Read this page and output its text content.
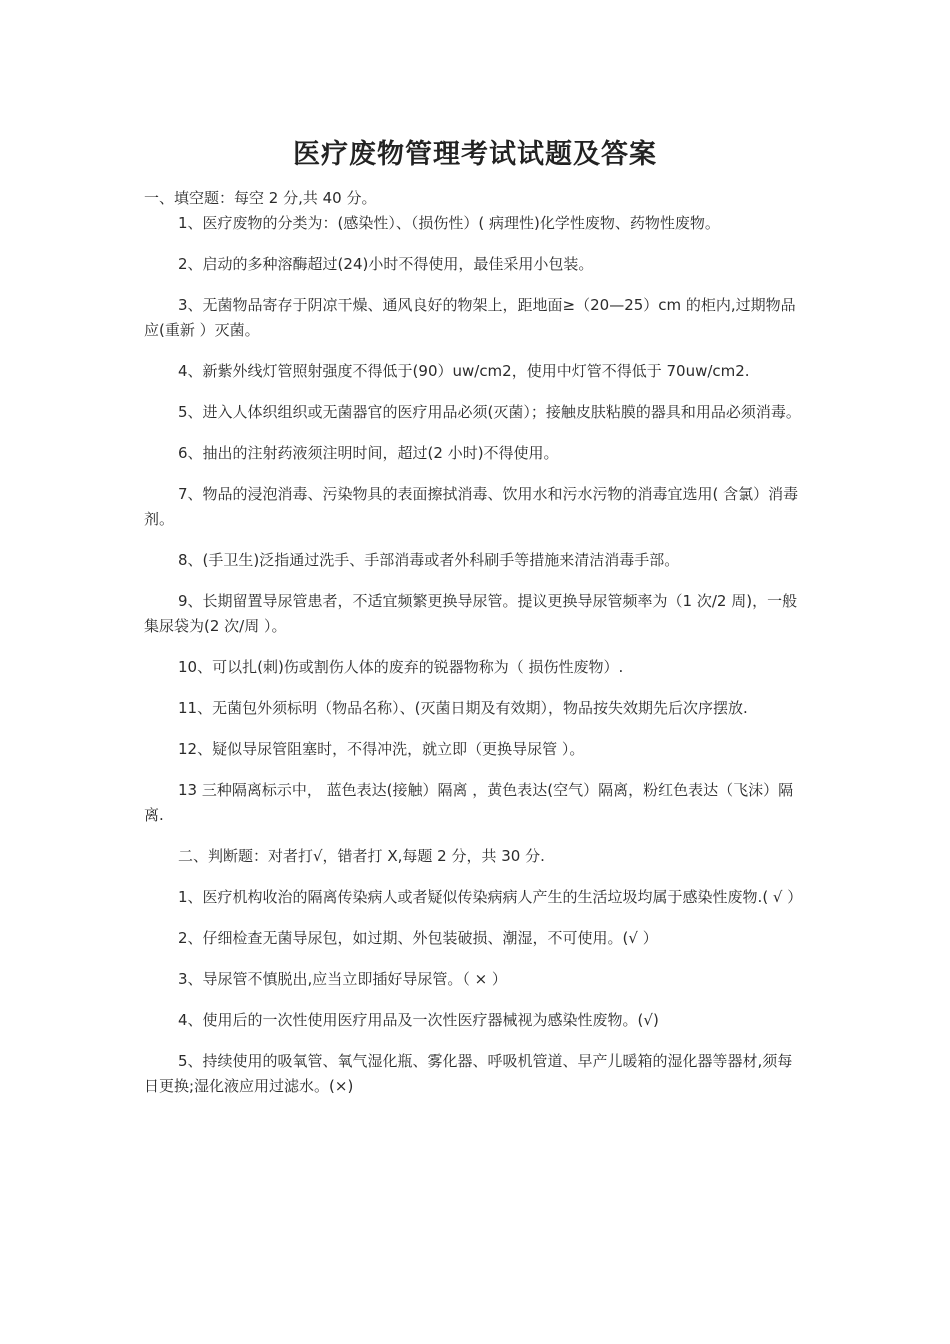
医疗废物管理考试试题及答案

一、填空题：每空 2 分,共 40 分。

1、医疗废物的分类为：(感染性）、（损伤性）( 病理性)化学性废物、药物性废物。

2、启动的多种溶酶超过(24)小时不得使用，最佳采用小包装。

3、无菌物品寄存于阴凉干燥、通风良好的物架上，距地面≥（20—25）cm 的柜内,过期物品应(重新 ）灭菌。

4、新紫外线灯管照射强度不得低于(90）uw/cm2，使用中灯管不得低于 70uw/cm2.

5、进入人体织组织或无菌器官的医疗用品必须(灭菌）；接触皮肤粘膜的器具和用品必须消毒。

6、抽出的注射药液须注明时间，超过(2 小时)不得使用。

7、物品的浸泡消毒、污染物具的表面擦拭消毒、饮用水和污水污物的消毒宜选用( 含氯）消毒剂。

8、(手卫生)泛指通过洗手、手部消毒或者外科刷手等措施来清洁消毒手部。

9、长期留置导尿管患者，不适宜频繁更换导尿管。提议更换导尿管频率为（1 次/2 周)，一般集尿袋为(2 次/周 ）。

10、可以扎(刺)伤或割伤人体的废弃的锐器物称为（ 损伤性废物）.

11、无菌包外须标明（物品名称）、(灭菌日期及有效期），物品按失效期先后次序摆放.

12、疑似导尿管阻塞时，不得冲洗，就立即（更换导尿管 ）。

13 三种隔离标示中， 蓝色表达(接触）隔离 ，黄色表达(空气）隔离，粉红色表达（飞沫）隔离.

二、判断题：对者打√，错者打 X,每题 2 分，共 30 分.

1、医疗机构收治的隔离传染病人或者疑似传染病病人产生的生活垃圾均属于感染性废物.( √ ）

2、仔细检查无菌导尿包，如过期、外包装破损、潮湿，不可使用。(√ ）

3、导尿管不慎脱出,应当立即插好导尿管。（ × ）

4、使用后的一次性使用医疗用品及一次性医疗器械视为感染性废物。(√)

5、持续使用的吸氧管、氧气湿化瓶、雾化器、呼吸机管道、早产儿暖箱的湿化器等器材,须每日更换;湿化液应用过滤水。(×)
